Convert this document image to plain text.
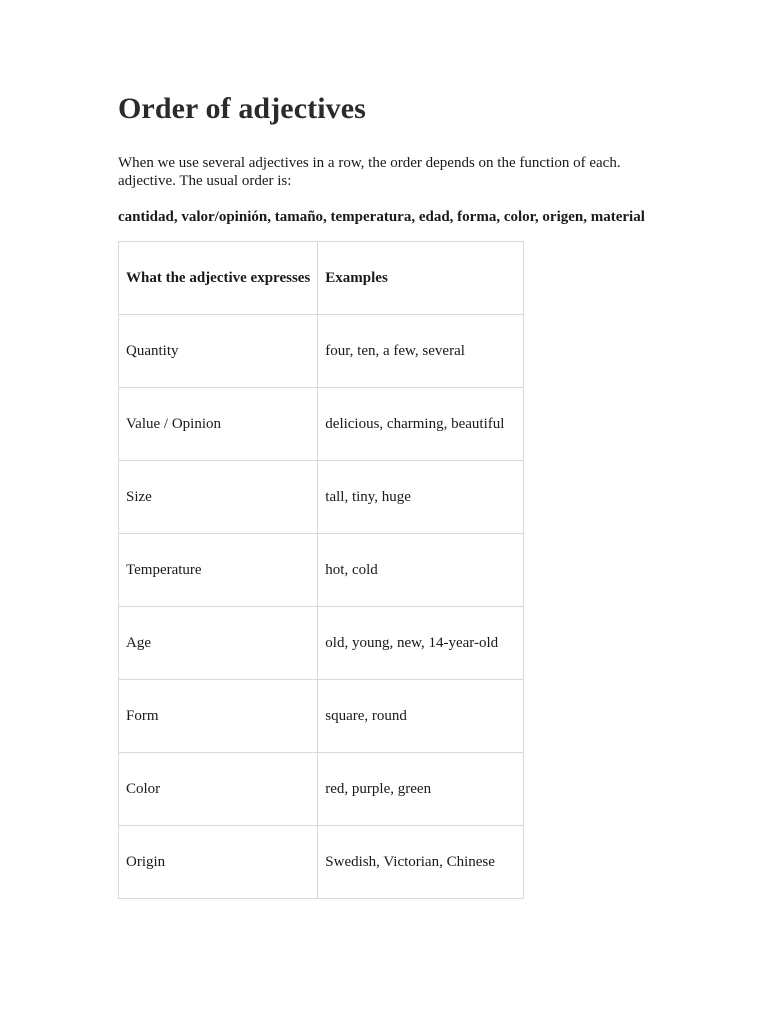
Order of adjectives

When we use several adjectives in a row, the order depends on the function of each. adjective. The usual order is:

cantidad, valor/opinión, tamaño, temperatura, edad, forma, color, origen, material

What the adjective expresses	Examples
Quantity	four, ten, a few, several
Value / Opinion	delicious, charming, beautiful
Size	tall, tiny, huge
Temperature	hot, cold
Age	old, young, new, 14-year-old
Form	square, round
Color	red, purple, green
Origin	Swedish, Victorian, Chinese
